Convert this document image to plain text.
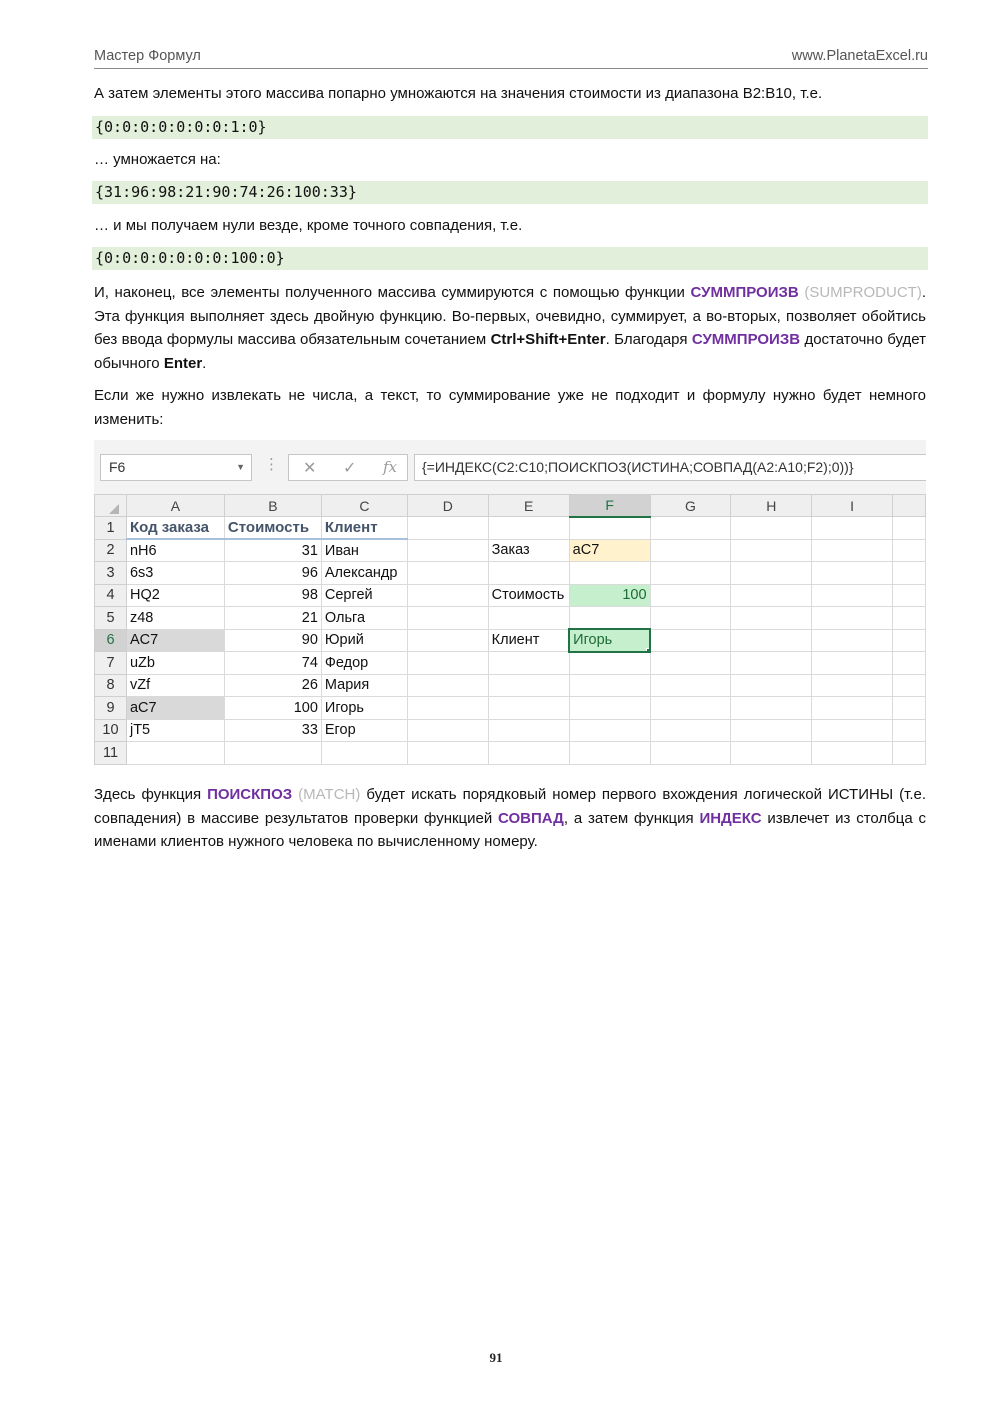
Мастер Формул	www.PlanetaExcel.ru
А затем элементы этого массива попарно умножаются на значения стоимости из диапазона B2:B10, т.е.
{0:0:0:0:0:0:0:1:0}
… умножается на:
{31:96:98:21:90:74:26:100:33}
… и мы получаем нули везде, кроме точного совпадения, т.е.
{0:0:0:0:0:0:0:100:0}
И, наконец, все элементы полученного массива суммируются с помощью функции СУММПРОИЗВ (SUMPRODUCT). Эта функция выполняет здесь двойную функцию. Во-первых, очевидно, суммирует, а во-вторых, позволяет обойтись без ввода формулы массива обязательным сочетанием Ctrl+Shift+Enter. Благодаря СУММПРОИЗВ достаточно будет обычного Enter.
Если же нужно извлекать не числа, а текст, то суммирование уже не подходит и формулу нужно будет немного изменить:
F6	▼ ⋮ ✕ ✓ fx	{=ИНДЕКС(C2:C10;ПОИСКПОЗ(ИСТИНА;СОВПАД(A2:A10;F2);0))}
	A	B	C	D	E	F	G	H	I	
1	Код заказа	Стоимость	Клиент							
2	nH6	31	Иван		Заказ	aC7				
3	6s3	96	Александр							
4	HQ2	98	Сергей		Стоимость	100				
5	z48	21	Ольга							
6	AC7	90	Юрий		Клиент	Игорь

7	uZb	74	Федор							
8	vZf	26	Мария							
9	aC7	100	Игорь							
10	jT5	33	Егор							
11										
Здесь функция ПОИСКПОЗ (MATCH) будет искать порядковый номер первого вхождения логической ИСТИНЫ (т.е. совпадения) в массиве результатов проверки функцией СОВПАД, а затем функция ИНДЕКС извлечет из столбца с именами клиентов нужного человека по вычисленному номеру.
91
